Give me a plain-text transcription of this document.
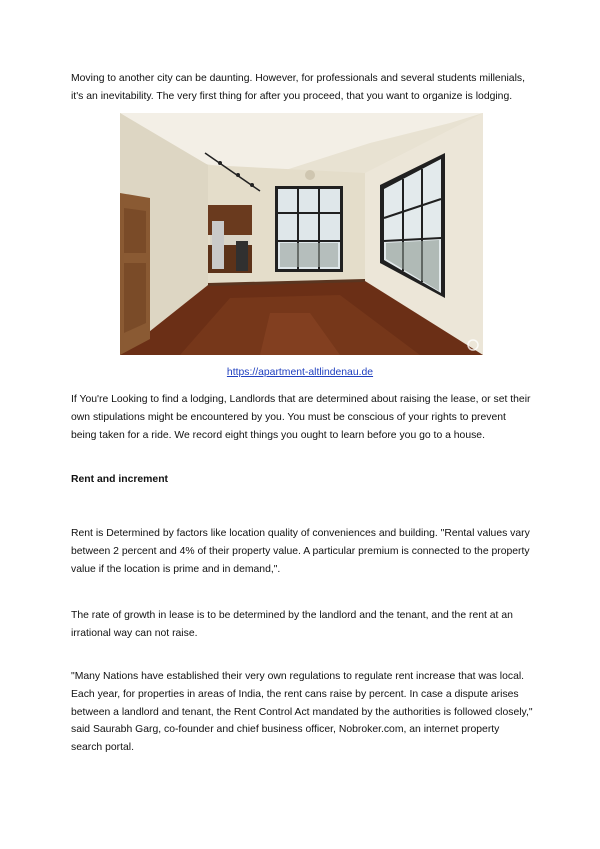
Moving to another city can be daunting. However, for professionals and several students millenials, it's an inevitability. The very first thing for after you proceed, that you want to organize is lodging.

https://apartment-altlindenau.de

If You're Looking to find a lodging, Landlords that are determined about raising the lease, or set their own stipulations might be encountered by you. You must be conscious of your rights to prevent being taken for a ride. We record eight things you ought to learn before you go to a house.

Rent and increment

Rent is Determined by factors like location quality of conveniences and building. "Rental values vary between 2 percent and 4% of their property value. A particular premium is connected to the property value if the location is prime and in demand,".

The rate of growth in lease is to be determined by the landlord and the tenant, and the rent at an irrational way can not raise.

"Many Nations have established their very own regulations to regulate rent increase that was local. Each year, for properties in areas of India, the rent cans raise by percent. In case a dispute arises between a landlord and tenant, the Rent Control Act mandated by the authorities is followed closely," said Saurabh Garg, co-founder and chief business officer, Nobroker.com, an internet property search portal.
